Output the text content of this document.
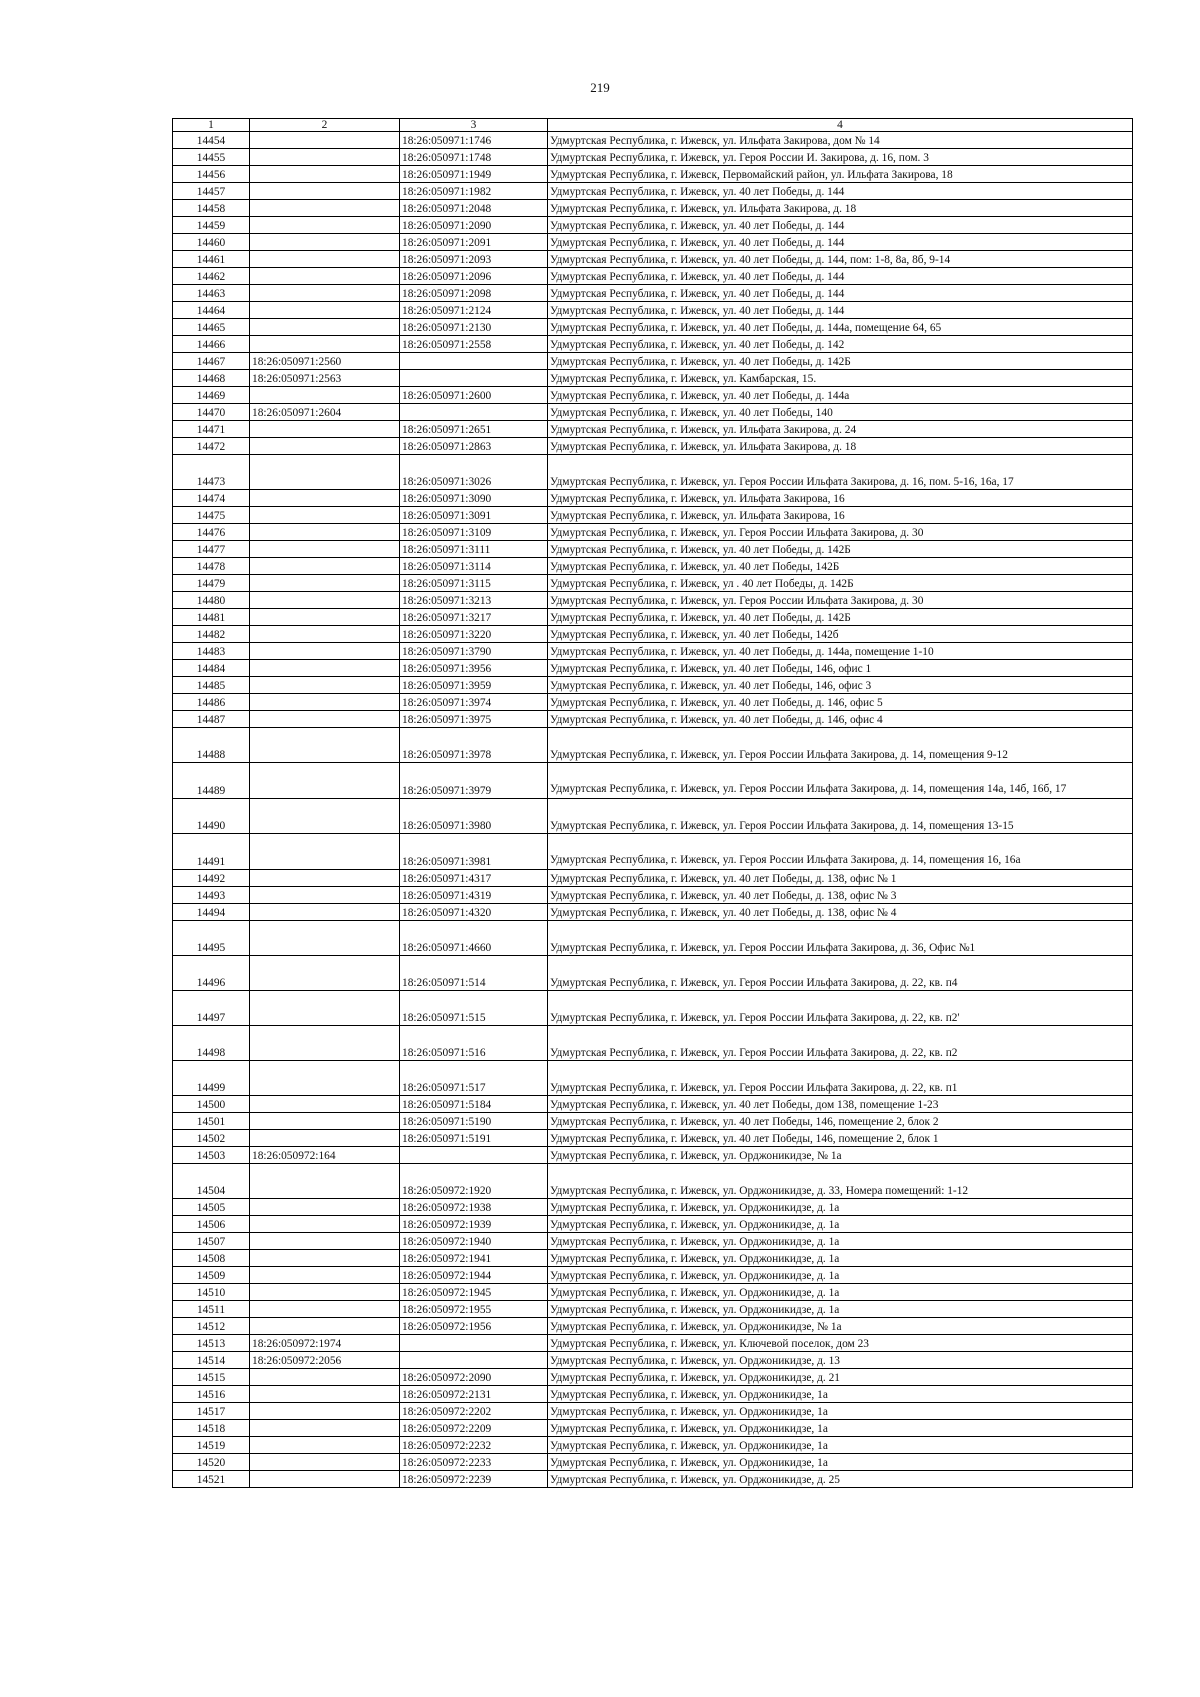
219
1	2	3	4
14454		18:26:050971:1746	Удмуртская Республика, г. Ижевск, ул. Ильфата Закирова, дом № 14
14455		18:26:050971:1748	Удмуртская Республика, г. Ижевск, ул. Героя России И. Закирова, д. 16, пом. 3
14456		18:26:050971:1949	Удмуртская Республика, г. Ижевск, Первомайский район, ул. Ильфата Закирова, 18
14457		18:26:050971:1982	Удмуртская Республика, г. Ижевск, ул. 40 лет Победы, д. 144
14458		18:26:050971:2048	Удмуртская Республика, г. Ижевск, ул. Ильфата Закирова, д. 18
14459		18:26:050971:2090	Удмуртская Республика, г. Ижевск, ул. 40 лет Победы, д. 144
14460		18:26:050971:2091	Удмуртская Республика, г. Ижевск, ул. 40 лет Победы, д. 144
14461		18:26:050971:2093	Удмуртская Республика, г. Ижевск, ул. 40 лет Победы, д. 144, пом: 1-8, 8а, 8б, 9-14
14462		18:26:050971:2096	Удмуртская Республика, г. Ижевск, ул. 40 лет Победы, д. 144
14463		18:26:050971:2098	Удмуртская Республика, г. Ижевск, ул. 40 лет Победы, д. 144
14464		18:26:050971:2124	Удмуртская Республика, г. Ижевск, ул. 40 лет Победы, д. 144
14465		18:26:050971:2130	Удмуртская Республика, г. Ижевск, ул. 40 лет Победы, д. 144а, помещение 64, 65
14466		18:26:050971:2558	Удмуртская Республика, г. Ижевск, ул. 40 лет Победы, д. 142
14467	18:26:050971:2560		Удмуртская Республика, г. Ижевск, ул. 40 лет Победы, д. 142Б
14468	18:26:050971:2563		Удмуртская Республика, г. Ижевск, ул. Камбарская, 15.
14469		18:26:050971:2600	Удмуртская Республика, г. Ижевск, ул. 40 лет Победы, д. 144а
14470	18:26:050971:2604		Удмуртская Республика, г. Ижевск, ул. 40 лет Победы, 140
14471		18:26:050971:2651	Удмуртская Республика, г. Ижевск, ул. Ильфата Закирова, д. 24
14472		18:26:050971:2863	Удмуртская Республика, г. Ижевск, ул. Ильфата Закирова, д. 18
14473		18:26:050971:3026	Удмуртская Республика, г. Ижевск, ул. Героя России Ильфата Закирова, д. 16, пом. 5-16, 16а, 17
14474		18:26:050971:3090	Удмуртская Республика, г. Ижевск, ул. Ильфата Закирова, 16
14475		18:26:050971:3091	Удмуртская Республика, г. Ижевск, ул. Ильфата Закирова, 16
14476		18:26:050971:3109	Удмуртская Республика, г. Ижевск, ул. Героя России Ильфата Закирова, д. 30
14477		18:26:050971:3111	Удмуртская Республика, г. Ижевск, ул. 40 лет Победы, д. 142Б
14478		18:26:050971:3114	Удмуртская Республика, г. Ижевск, ул. 40 лет Победы, 142Б
14479		18:26:050971:3115	Удмуртская Республика, г. Ижевск, ул . 40 лет Победы, д. 142Б
14480		18:26:050971:3213	Удмуртская Республика, г. Ижевск, ул. Героя России Ильфата Закирова, д. 30
14481		18:26:050971:3217	Удмуртская Республика, г. Ижевск, ул. 40 лет Победы, д. 142Б
14482		18:26:050971:3220	Удмуртская Республика, г. Ижевск, ул. 40 лет Победы, 142б
14483		18:26:050971:3790	Удмуртская Республика, г. Ижевск, ул. 40 лет Победы, д. 144а, помещение 1-10
14484		18:26:050971:3956	Удмуртская Республика, г. Ижевск, ул. 40 лет Победы, 146, офис 1
14485		18:26:050971:3959	Удмуртская Республика, г. Ижевск, ул. 40 лет Победы, 146, офис 3
14486		18:26:050971:3974	Удмуртская Республика, г. Ижевск, ул. 40 лет Победы, д. 146, офис 5
14487		18:26:050971:3975	Удмуртская Республика, г. Ижевск, ул. 40 лет Победы, д. 146, офис 4
14488		18:26:050971:3978	Удмуртская Республика, г. Ижевск, ул. Героя России Ильфата Закирова, д. 14, помещения 9-12
14489		18:26:050971:3979	Удмуртская Республика, г. Ижевск, ул. Героя России Ильфата Закирова, д. 14, помещения 14а, 14б, 16б, 17
14490		18:26:050971:3980	Удмуртская Республика, г. Ижевск, ул. Героя России Ильфата Закирова, д. 14, помещения 13-15
14491		18:26:050971:3981	Удмуртская Республика, г. Ижевск, ул. Героя России Ильфата Закирова, д. 14, помещения 16, 16а
14492		18:26:050971:4317	Удмуртская Республика, г. Ижевск, ул. 40 лет Победы, д. 138, офис № 1
14493		18:26:050971:4319	Удмуртская Республика, г. Ижевск, ул. 40 лет Победы, д. 138, офис № 3
14494		18:26:050971:4320	Удмуртская Республика, г. Ижевск, ул. 40 лет Победы, д. 138, офис № 4
14495		18:26:050971:4660	Удмуртская Республика, г. Ижевск, ул. Героя России Ильфата Закирова, д. 36, Офис №1
14496		18:26:050971:514	Удмуртская Республика, г. Ижевск, ул. Героя России Ильфата Закирова, д. 22, кв. п4
14497		18:26:050971:515	Удмуртская Республика, г. Ижевск, ул. Героя России Ильфата Закирова, д. 22, кв. п2'
14498		18:26:050971:516	Удмуртская Республика, г. Ижевск, ул. Героя России Ильфата Закирова, д. 22, кв. п2
14499		18:26:050971:517	Удмуртская Республика, г. Ижевск, ул. Героя России Ильфата Закирова, д. 22, кв. п1
14500		18:26:050971:5184	Удмуртская Республика, г. Ижевск, ул. 40 лет Победы, дом 138, помещение 1-23
14501		18:26:050971:5190	Удмуртская Республика, г. Ижевск, ул. 40 лет Победы, 146, помещение 2, блок 2
14502		18:26:050971:5191	Удмуртская Республика, г. Ижевск, ул. 40 лет Победы, 146, помещение 2, блок 1
14503	18:26:050972:164		Удмуртская Республика, г. Ижевск, ул. Орджоникидзе, № 1а
14504		18:26:050972:1920	Удмуртская Республика, г. Ижевск, ул. Орджоникидзе, д. 33, Номера помещений: 1-12
14505		18:26:050972:1938	Удмуртская Республика, г. Ижевск, ул. Орджоникидзе, д. 1а
14506		18:26:050972:1939	Удмуртская Республика, г. Ижевск, ул. Орджоникидзе, д. 1а
14507		18:26:050972:1940	Удмуртская Республика, г. Ижевск, ул. Орджоникидзе, д. 1а
14508		18:26:050972:1941	Удмуртская Республика, г. Ижевск, ул. Орджоникидзе, д. 1а
14509		18:26:050972:1944	Удмуртская Республика, г. Ижевск, ул. Орджоникидзе, д. 1а
14510		18:26:050972:1945	Удмуртская Республика, г. Ижевск, ул. Орджоникидзе, д. 1а
14511		18:26:050972:1955	Удмуртская Республика, г. Ижевск, ул. Орджоникидзе, д. 1а
14512		18:26:050972:1956	Удмуртская Республика, г. Ижевск, ул. Орджоникидзе, № 1а
14513	18:26:050972:1974		Удмуртская Республика, г. Ижевск, ул. Ключевой поселок, дом 23
14514	18:26:050972:2056		Удмуртская Республика, г. Ижевск, ул. Орджоникидзе, д. 13
14515		18:26:050972:2090	Удмуртская Республика, г. Ижевск, ул. Орджоникидзе, д. 21
14516		18:26:050972:2131	Удмуртская Республика, г. Ижевск, ул. Орджоникидзе, 1а
14517		18:26:050972:2202	Удмуртская Республика, г. Ижевск, ул. Орджоникидзе, 1а
14518		18:26:050972:2209	Удмуртская Республика, г. Ижевск, ул. Орджоникидзе, 1а
14519		18:26:050972:2232	Удмуртская Республика, г. Ижевск, ул. Орджоникидзе, 1а
14520		18:26:050972:2233	Удмуртская Республика, г. Ижевск, ул. Орджоникидзе, 1а
14521		18:26:050972:2239	Удмуртская Республика, г. Ижевск, ул. Орджоникидзе, д. 25
